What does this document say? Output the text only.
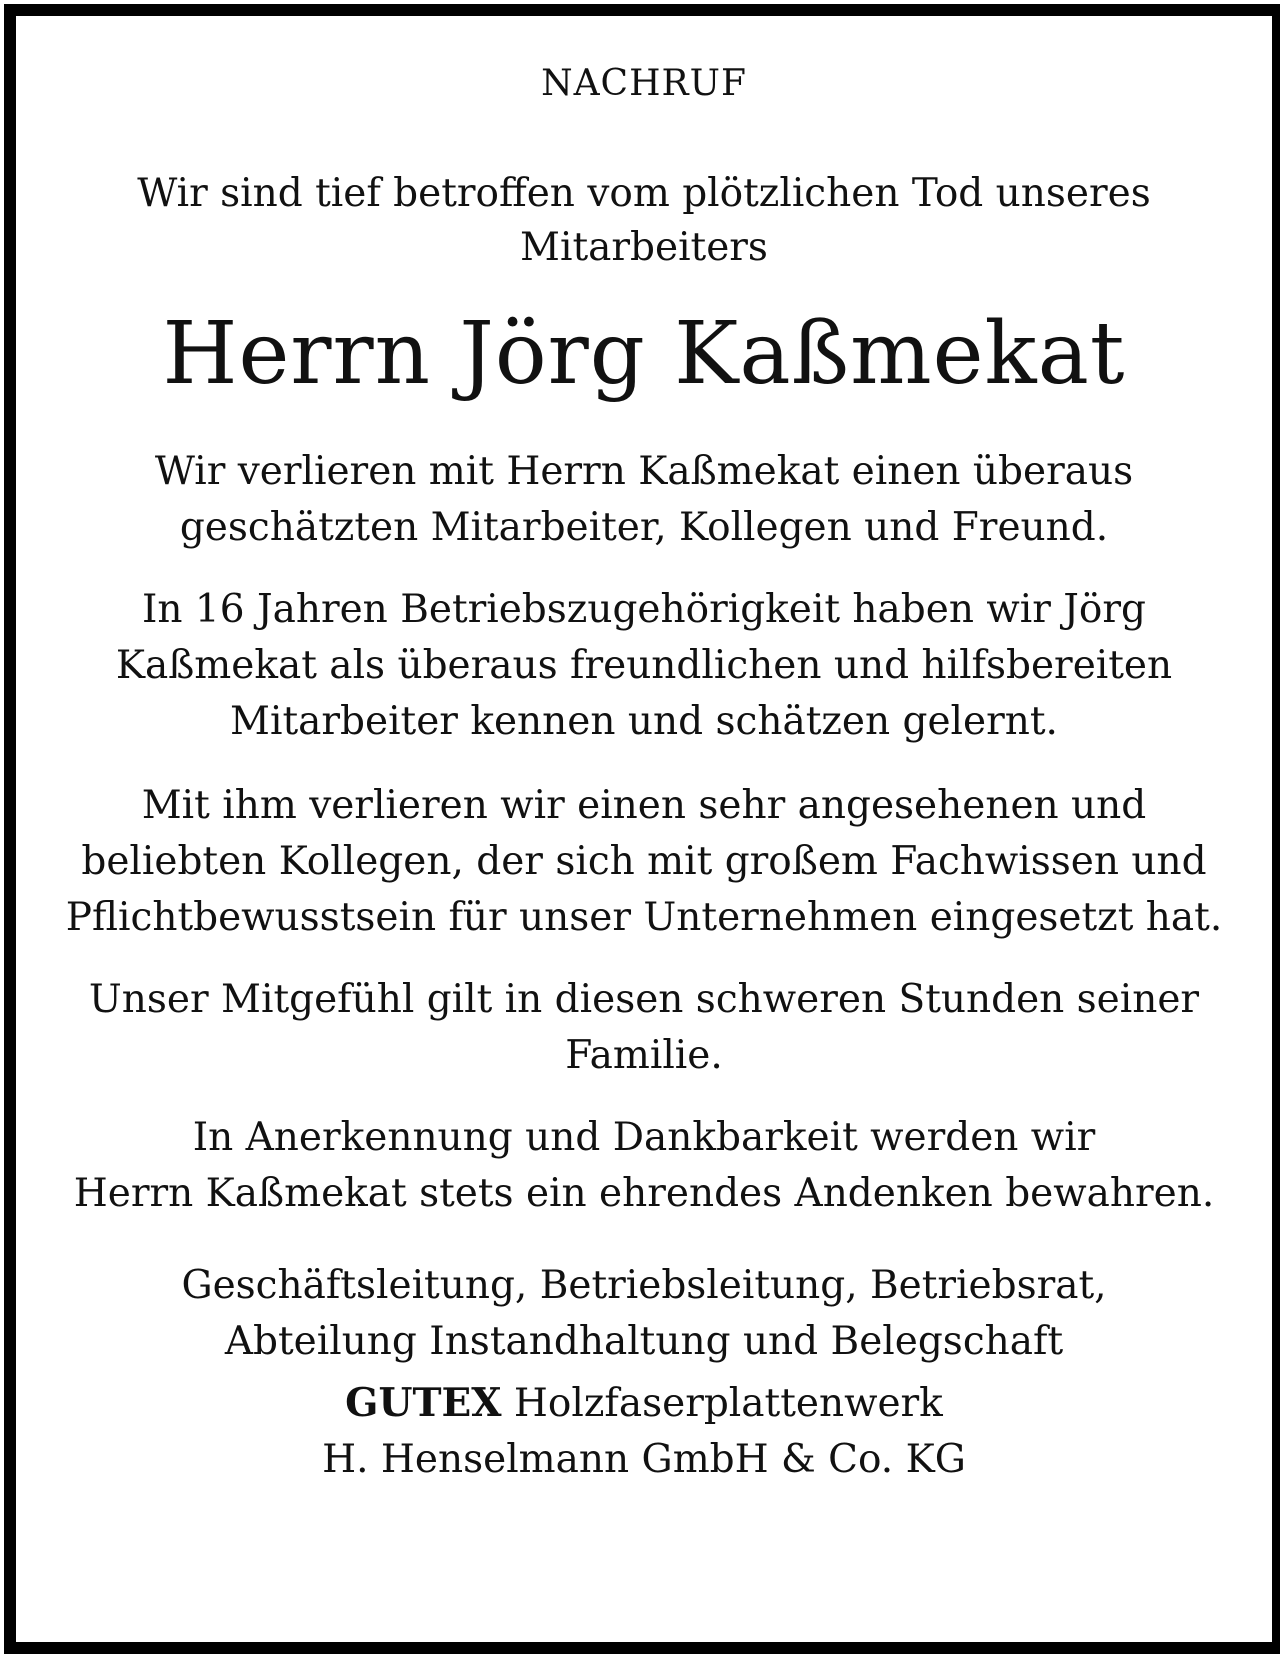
NACHRUF
Wir sind tief betroffen vom plötzlichen Tod unseres
Mitarbeiters
Herrn Jörg Kaßmekat
Wir verlieren mit Herrn Kaßmekat einen überaus
geschätzten Mitarbeiter, Kollegen und Freund.
In 16 Jahren Betriebszugehörigkeit haben wir Jörg
Kaßmekat als überaus freundlichen und hilfsbereiten
Mitarbeiter kennen und schätzen gelernt.
Mit ihm verlieren wir einen sehr angesehenen und
beliebten Kollegen, der sich mit großem Fachwissen und
Pflichtbewusstsein für unser Unternehmen eingesetzt hat.
Unser Mitgefühl gilt in diesen schweren Stunden seiner
Familie.
In Anerkennung und Dankbarkeit werden wir
Herrn Kaßmekat stets ein ehrendes Andenken bewahren.
Geschäftsleitung, Betriebsleitung, Betriebsrat,
Abteilung Instandhaltung und Belegschaft
GUTEX Holzfaserplattenwerk
H. Henselmann GmbH & Co. KG
